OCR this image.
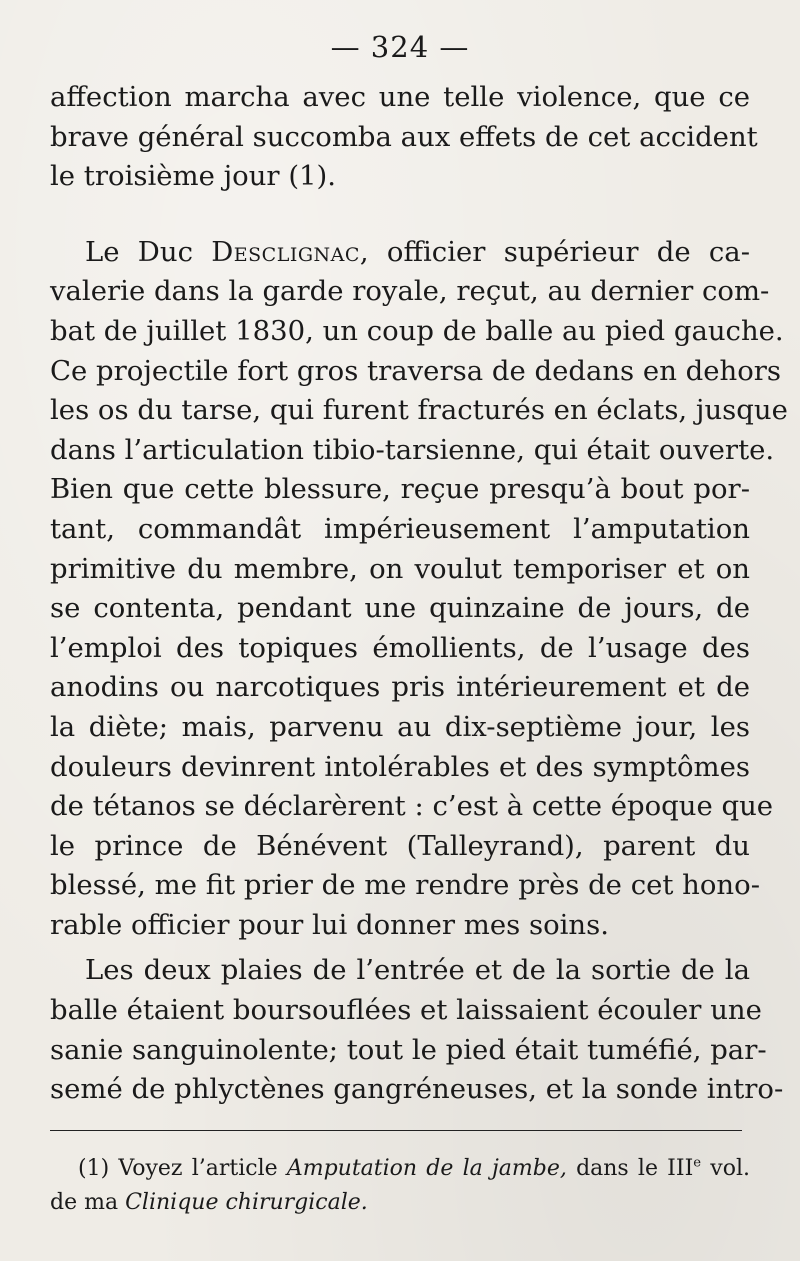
— 324 —
affection marcha avec une telle violence, que ce
brave général succomba aux effets de cet accident
le troisième jour (1).
Le Duc Desclignac, officier supérieur de ca-
valerie dans la garde royale, reçut, au dernier com-
bat de juillet 1830, un coup de balle au pied gauche.
Ce projectile fort gros traversa de dedans en dehors
les os du tarse, qui furent fracturés en éclats, jusque
dans l’articulation tibio-tarsienne, qui était ouverte.
Bien que cette blessure, reçue presqu’à bout por-
tant, commandât impérieusement l’amputation
primitive du membre, on voulut temporiser et on
se contenta, pendant une quinzaine de jours, de
l’emploi des topiques émollients, de l’usage des
anodins ou narcotiques pris intérieurement et de
la diète; mais, parvenu au dix-septième jour, les
douleurs devinrent intolérables et des symptômes
de tétanos se déclarèrent : c’est à cette époque que
le prince de Bénévent (Talleyrand), parent du
blessé, me fit prier de me rendre près de cet hono-
rable officier pour lui donner mes soins.
Les deux plaies de l’entrée et de la sortie de la
balle étaient boursouflées et laissaient écouler une
sanie sanguinolente; tout le pied était tuméfié, par-
semé de phlyctènes gangréneuses, et la sonde intro-
(1) Voyez l’article Amputation de la jambe, dans le IIIe vol.
de ma Clinique chirurgicale.
